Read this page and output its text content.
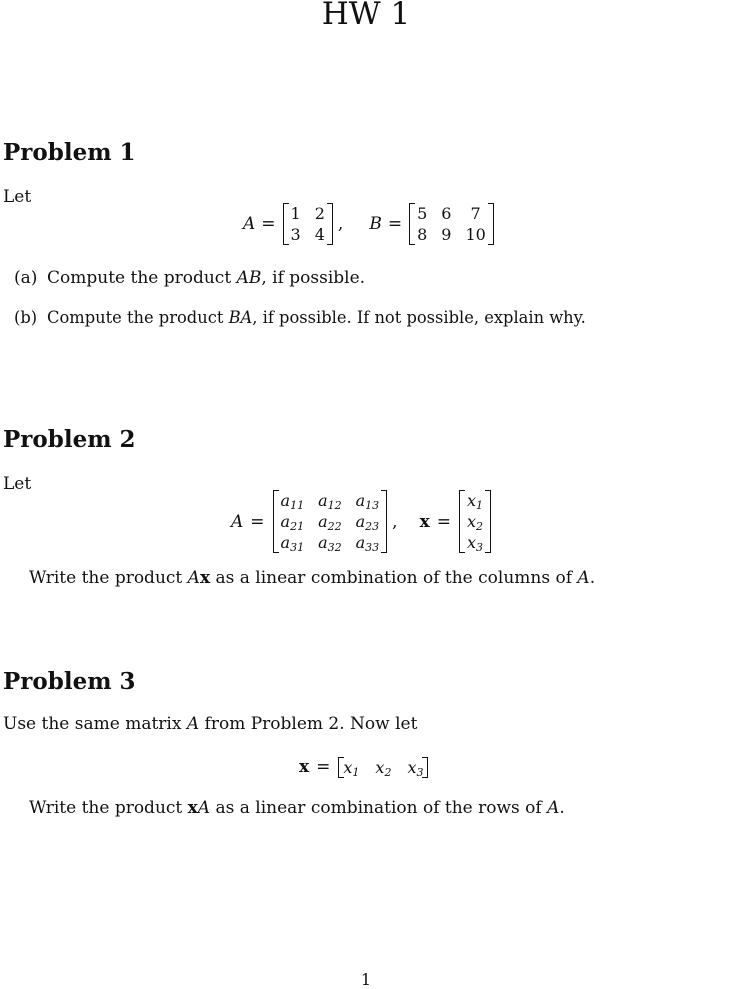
HW 1
Problem 1
Let
A =
1 2
3 4
, B =
5 6	7
8 9 10
(a) Compute the product AB, if possible.
(b) Compute the product BA, if possible. If not possible, explain why.
Problem 2
Let
A =
$a_{11}$ $a_{12}$ $a_{13}$
$a_{21}$ $a_{22}$ $a_{23}$
$a_{31}$ $a_{32}$ $a_{33}$
, x =
$x_1$
$x_2$
$x_3$
Write the product Ax as a linear combination of the columns of A.
Problem 3
Use the same matrix A from Problem 2. Now let
$x = x_1$ $x_2$ $x_3$
Write the product xA as a linear combination of the rows of A.
1
